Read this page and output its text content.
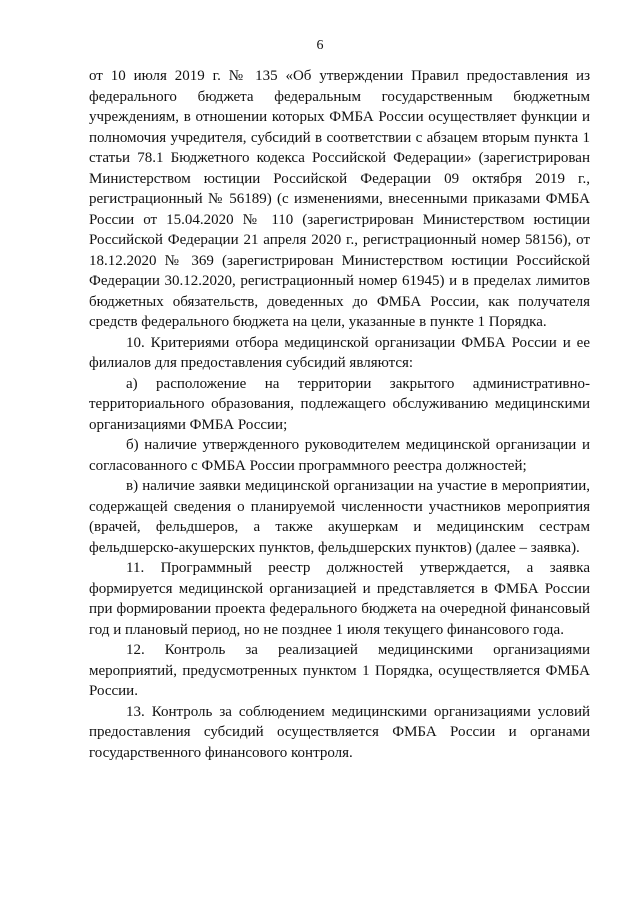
6

от 10 июля 2019 г. № 135 «Об утверждении Правил предоставления из федерального бюджета федеральным государственным бюджетным учреждениям, в отношении которых ФМБА России осуществляет функции и полномочия учредителя, субсидий в соответствии с абзацем вторым пункта 1 статьи 78.1 Бюджетного кодекса Российской Федерации» (зарегистрирован Министерством юстиции Российской Федерации 09 октября 2019 г., регистрационный № 56189) (с изменениями, внесенными приказами ФМБА России от 15.04.2020 № 110 (зарегистрирован Министерством юстиции Российской Федерации 21 апреля 2020 г., регистрационный номер 58156), от 18.12.2020 № 369 (зарегистрирован Министерством юстиции Российской Федерации 30.12.2020, регистрационный номер 61945) и в пределах лимитов бюджетных обязательств, доведенных до ФМБА России, как получателя средств федерального бюджета на цели, указанные в пункте 1 Порядка.

10. Критериями отбора медицинской организации ФМБА России и ее филиалов для предоставления субсидий являются:

а) расположение на территории закрытого административно-территориального образования, подлежащего обслуживанию медицинскими организациями ФМБА России;

б) наличие утвержденного руководителем медицинской организации и согласованного с ФМБА России программного реестра должностей;

в) наличие заявки медицинской организации на участие в мероприятии, содержащей сведения о планируемой численности участников мероприятия (врачей, фельдшеров, а также акушеркам и медицинским сестрам фельдшерско-акушерских пунктов, фельдшерских пунктов) (далее – заявка).

11. Программный реестр должностей утверждается, а заявка формируется медицинской организацией и представляется в ФМБА России при формировании проекта федерального бюджета на очередной финансовый год и плановый период, но не позднее 1 июля текущего финансового года.

12. Контроль за реализацией медицинскими организациями мероприятий, предусмотренных пунктом 1 Порядка, осуществляется ФМБА России.

13. Контроль за соблюдением медицинскими организациями условий предоставления субсидий осуществляется ФМБА России и органами государственного финансового контроля.
